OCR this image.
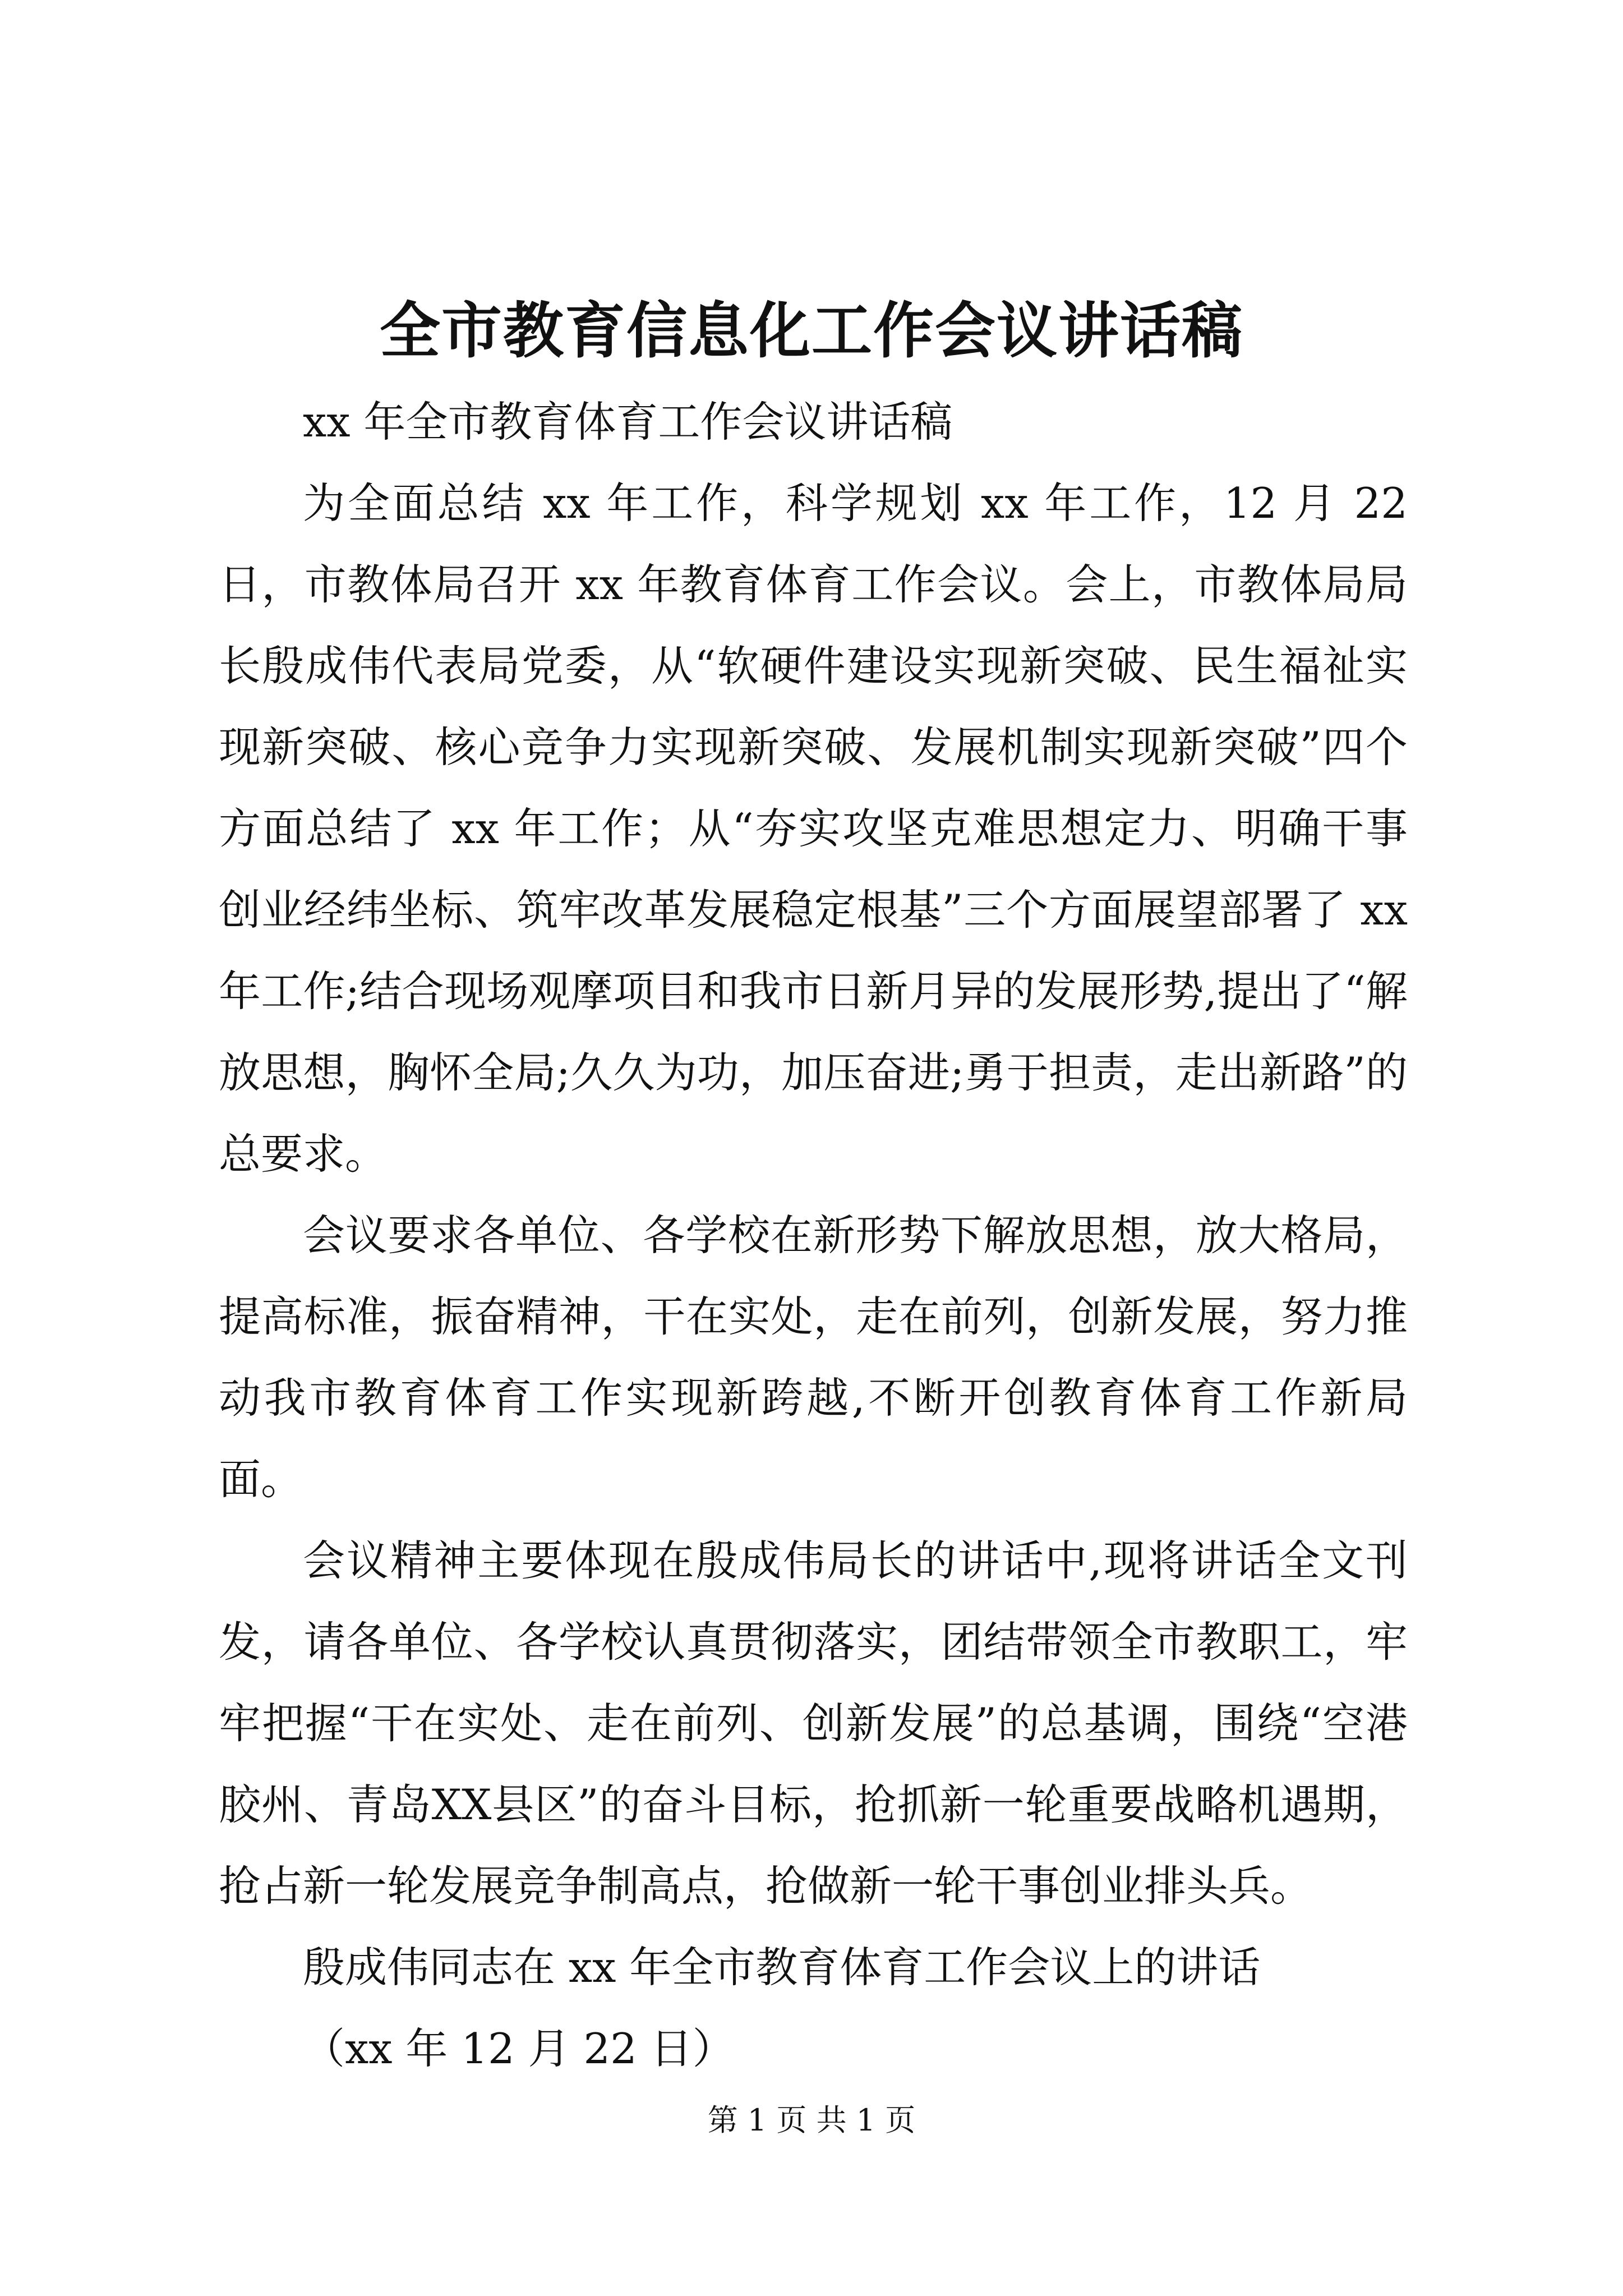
全市教育信息化工作会议讲话稿

xx 年全市教育体育工作会议讲话稿

为全面总结 xx 年工作，科学规划 xx 年工作，12 月 22 日，市教体局召开 xx 年教育体育工作会议。会上，市教体局局长殷成伟代表局党委，从“软硬件建设实现新突破、民生福祉实现新突破、核心竞争力实现新突破、发展机制实现新突破”四个方面总结了 xx 年工作；从“夯实攻坚克难思想定力、明确干事创业经纬坐标、筑牢改革发展稳定根基”三个方面展望部署了 xx 年工作;结合现场观摩项目和我市日新月异的发展形势,提出了“解放思想，胸怀全局;久久为功，加压奋进;勇于担责，走出新路”的总要求。

会议要求各单位、各学校在新形势下解放思想，放大格局，提高标准，振奋精神，干在实处，走在前列，创新发展，努力推动我市教育体育工作实现新跨越,不断开创教育体育工作新局面。

会议精神主要体现在殷成伟局长的讲话中,现将讲话全文刊发，请各单位、各学校认真贯彻落实，团结带领全市教职工，牢牢把握“干在实处、走在前列、创新发展”的总基调，围绕“空港胶州、青岛XX县区”的奋斗目标，抢抓新一轮重要战略机遇期，抢占新一轮发展竞争制高点，抢做新一轮干事创业排头兵。

殷成伟同志在 xx 年全市教育体育工作会议上的讲话

（xx 年 12 月 22 日）

第 1 页 共 1 页
